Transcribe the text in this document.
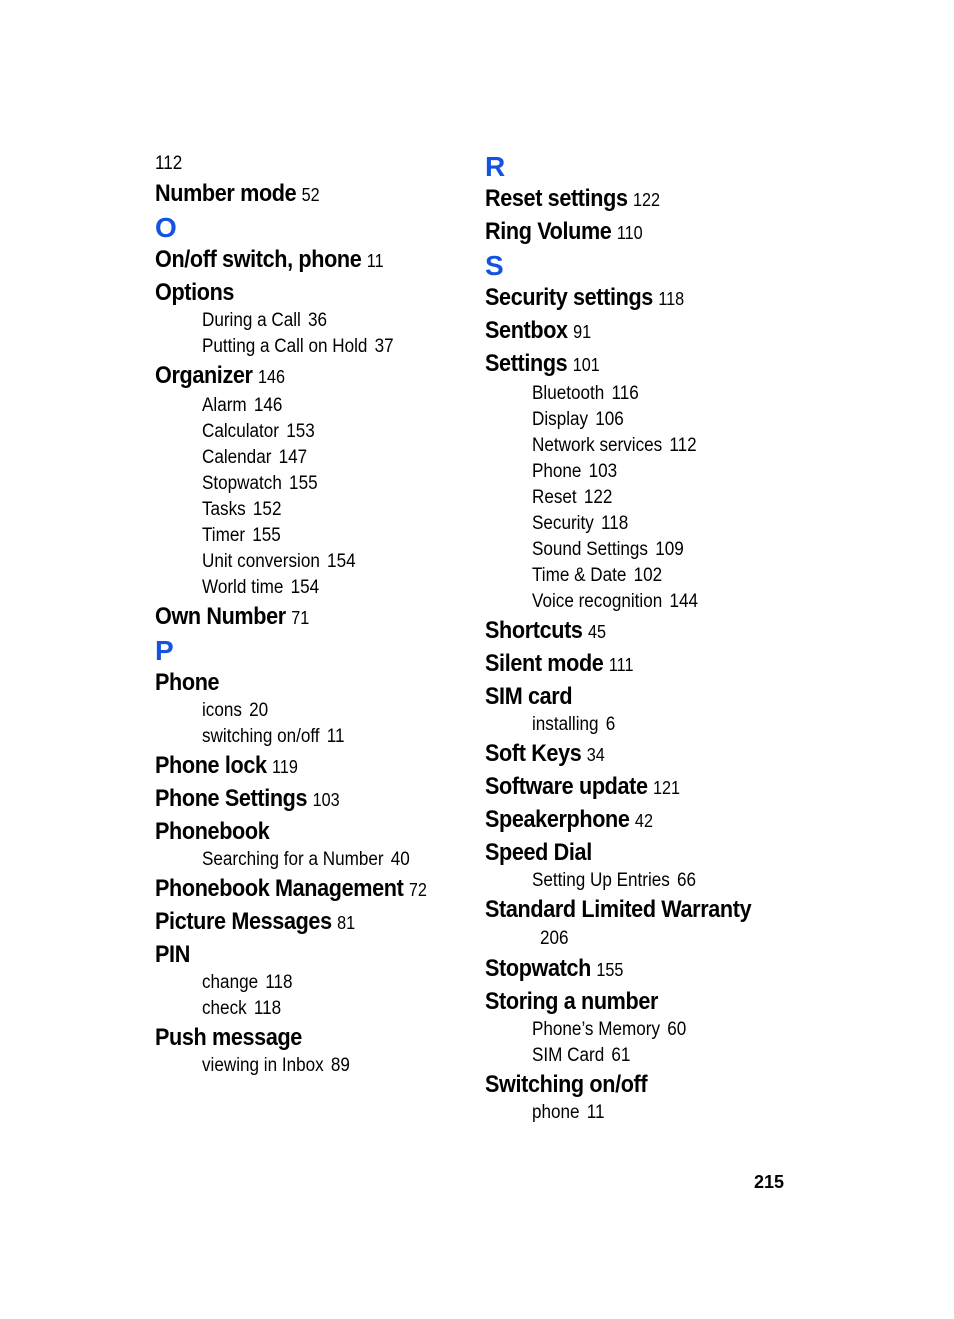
112
Number mode 52
O
On/off switch, phone 11
Options
During a Call 36
Putting a Call on Hold 37
Organizer 146
Alarm 146
Calculator 153
Calendar 147
Stopwatch 155
Tasks 152
Timer 155
Unit conversion 154
World time 154
Own Number 71
P
Phone
icons 20
switching on/off 11
Phone lock 119
Phone Settings 103
Phonebook
Searching for a Number 40
Phonebook Management 72
Picture Messages 81
PIN
change 118
check 118
Push message
viewing in Inbox 89
R
Reset settings 122
Ring Volume 110
S
Security settings 118
Sentbox 91
Settings 101
Bluetooth 116
Display 106
Network services 112
Phone 103
Reset 122
Security 118
Sound Settings 109
Time & Date 102
Voice recognition 144
Shortcuts 45
Silent mode 111
SIM card
installing 6
Soft Keys 34
Software update 121
Speakerphone 42
Speed Dial
Setting Up Entries 66
Standard Limited Warranty
206
Stopwatch 155
Storing a number
Phone’s Memory 60
SIM Card 61
Switching on/off
phone 11
215
